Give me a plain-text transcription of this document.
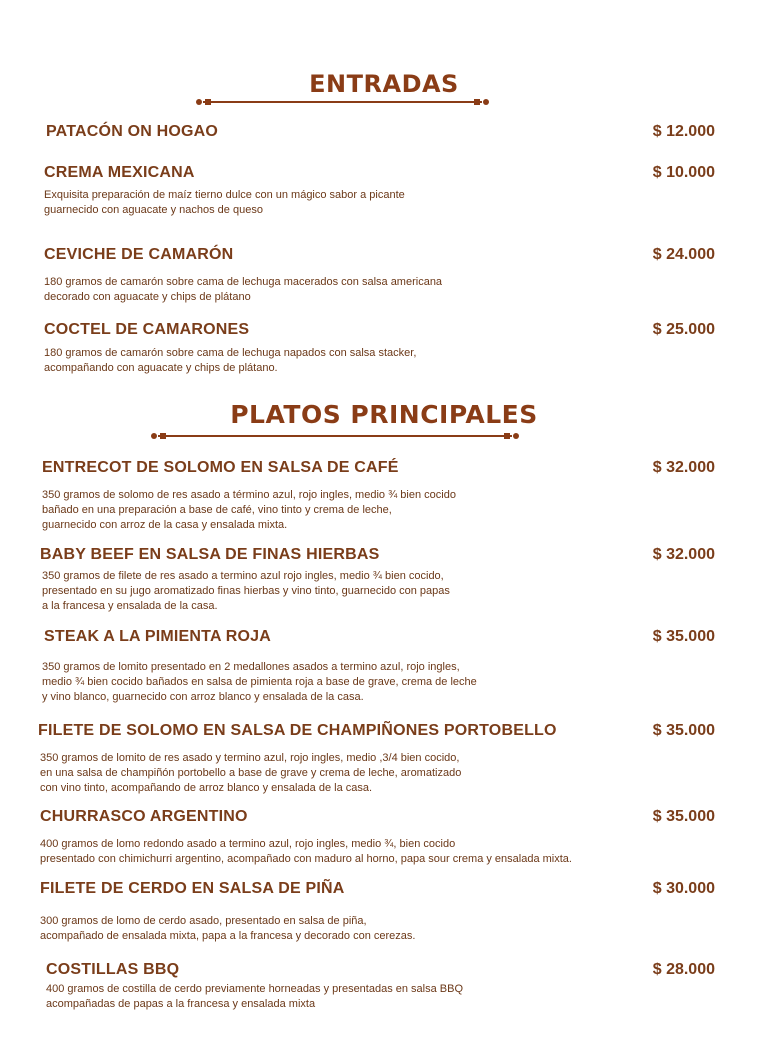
ENTRADAS
PATACÓN ON HOGAO	$ 12.000
CREMA MEXICANA	$ 10.000
Exquisita preparación de maíz tierno dulce con un mágico sabor a picante
guarnecido con aguacate y nachos de queso
CEVICHE DE CAMARÓN	$ 24.000
180 gramos de camarón sobre cama de lechuga macerados con salsa americana
decorado con aguacate y chips de plátano
COCTEL DE CAMARONES	$ 25.000
180 gramos de camarón sobre cama de lechuga napados con salsa stacker,
acompañando con aguacate y chips de plátano.
PLATOS PRINCIPALES
ENTRECOT DE SOLOMO EN SALSA DE CAFÉ	$ 32.000
350 gramos de solomo de res asado a término azul, rojo ingles, medio ¾ bien cocido
bañado en una preparación a base de café, vino tinto y crema de leche,
guarnecido con arroz de la casa y ensalada mixta.
BABY BEEF EN SALSA DE FINAS HIERBAS	$ 32.000
350 gramos de filete de res asado a termino azul rojo ingles, medio ¾ bien cocido,
presentado en su jugo aromatizado finas hierbas y vino tinto, guarnecido con papas
a la francesa y ensalada de la casa.
STEAK A LA PIMIENTA ROJA	$ 35.000
350 gramos de lomito presentado en 2 medallones asados a termino azul, rojo ingles,
medio ¾ bien cocido bañados en salsa de pimienta roja a base de grave, crema de leche
y vino blanco, guarnecido con arroz blanco y ensalada de la casa.
FILETE DE SOLOMO EN SALSA DE CHAMPIÑONES PORTOBELLO	$ 35.000
350 gramos de lomito de res asado y termino azul, rojo ingles, medio ,3/4 bien cocido,
en una salsa de champiñón portobello a base de grave y crema de leche, aromatizado
con vino tinto, acompañando de arroz blanco y ensalada de la casa.
CHURRASCO ARGENTINO	$ 35.000
400 gramos de lomo redondo asado a termino azul, rojo ingles, medio ¾, bien cocido
presentado con chimichurri argentino, acompañado con maduro al horno, papa sour crema y ensalada mixta.
FILETE DE CERDO EN SALSA DE PIÑA	$ 30.000
300 gramos de lomo de cerdo asado, presentado en salsa de piña,
acompañado de ensalada mixta, papa a la francesa y decorado con cerezas.
COSTILLAS BBQ	$ 28.000
400 gramos de costilla de cerdo previamente horneadas y presentadas en salsa BBQ
acompañadas de papas a la francesa y ensalada mixta
